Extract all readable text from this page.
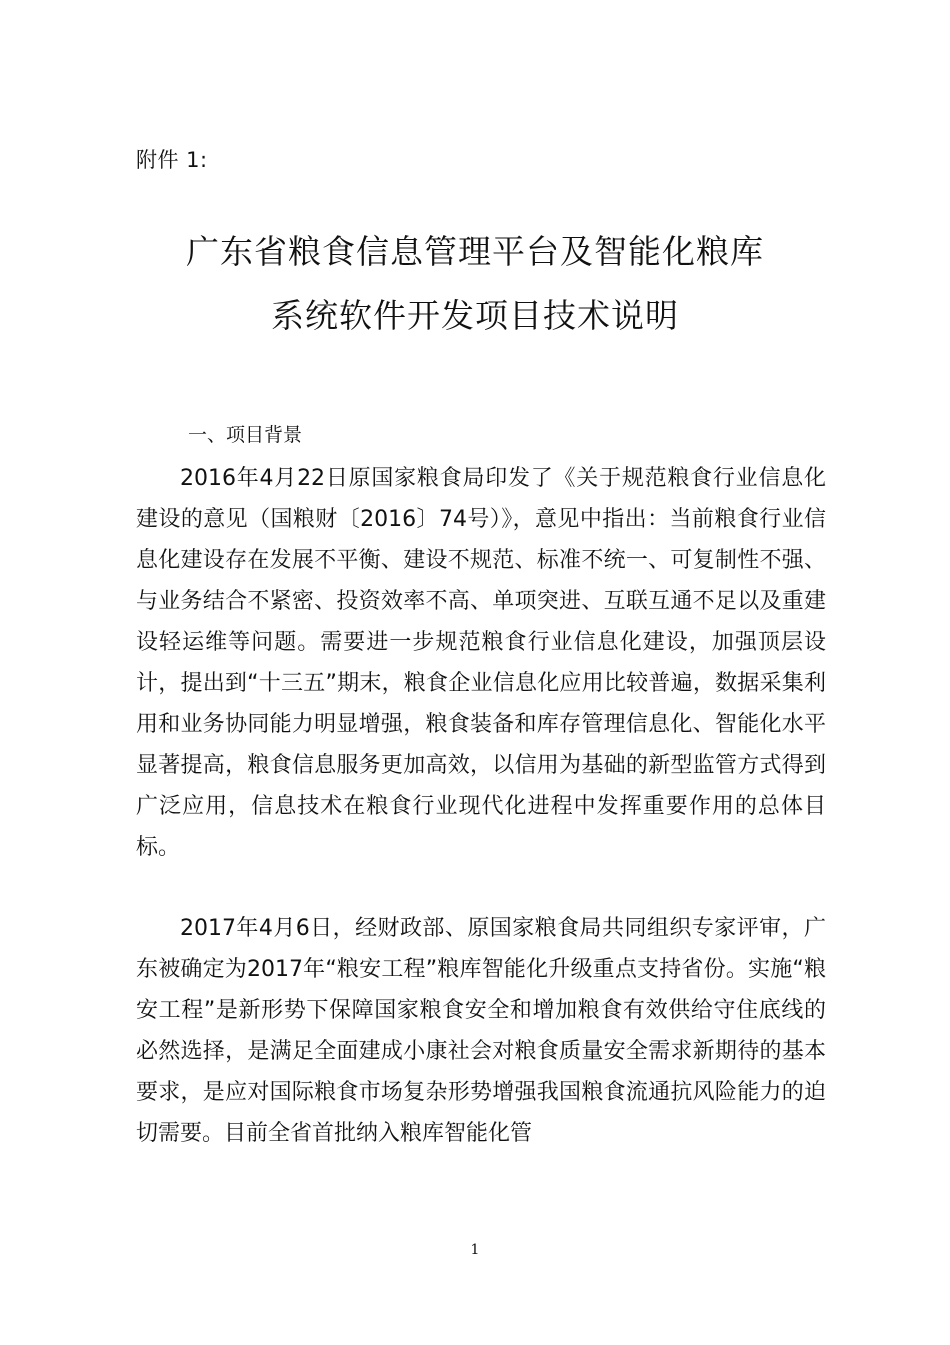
附件 1:
广东省粮食信息管理平台及智能化粮库
系统软件开发项目技术说明
一、项目背景

2016年4月22日原国家粮食局印发了《关于规范粮食行业信息化建设的意见（国粮财〔2016〕74号）》，意见中指出：当前粮食行业信息化建设存在发展不平衡、建设不规范、标准不统一、可复制性不强、与业务结合不紧密、投资效率不高、单项突进、互联互通不足以及重建设轻运维等问题。需要进一步规范粮食行业信息化建设，加强顶层设计，提出到“十三五”期末，粮食企业信息化应用比较普遍，数据采集利用和业务协同能力明显增强，粮食装备和库存管理信息化、智能化水平显著提高，粮食信息服务更加高效，以信用为基础的新型监管方式得到广泛应用，信息技术在粮食行业现代化进程中发挥重要作用的总体目标。

2017年4月6日，经财政部、原国家粮食局共同组织专家评审，广东被确定为2017年“粮安工程”粮库智能化升级重点支持省份。实施“粮安工程”是新形势下保障国家粮食安全和增加粮食有效供给守住底线的必然选择，是满足全面建成小康社会对粮食质量安全需求新期待的基本要求，是应对国际粮食市场复杂形势增强我国粮食流通抗风险能力的迫切需要。目前全省首批纳入粮库智能化管

1
